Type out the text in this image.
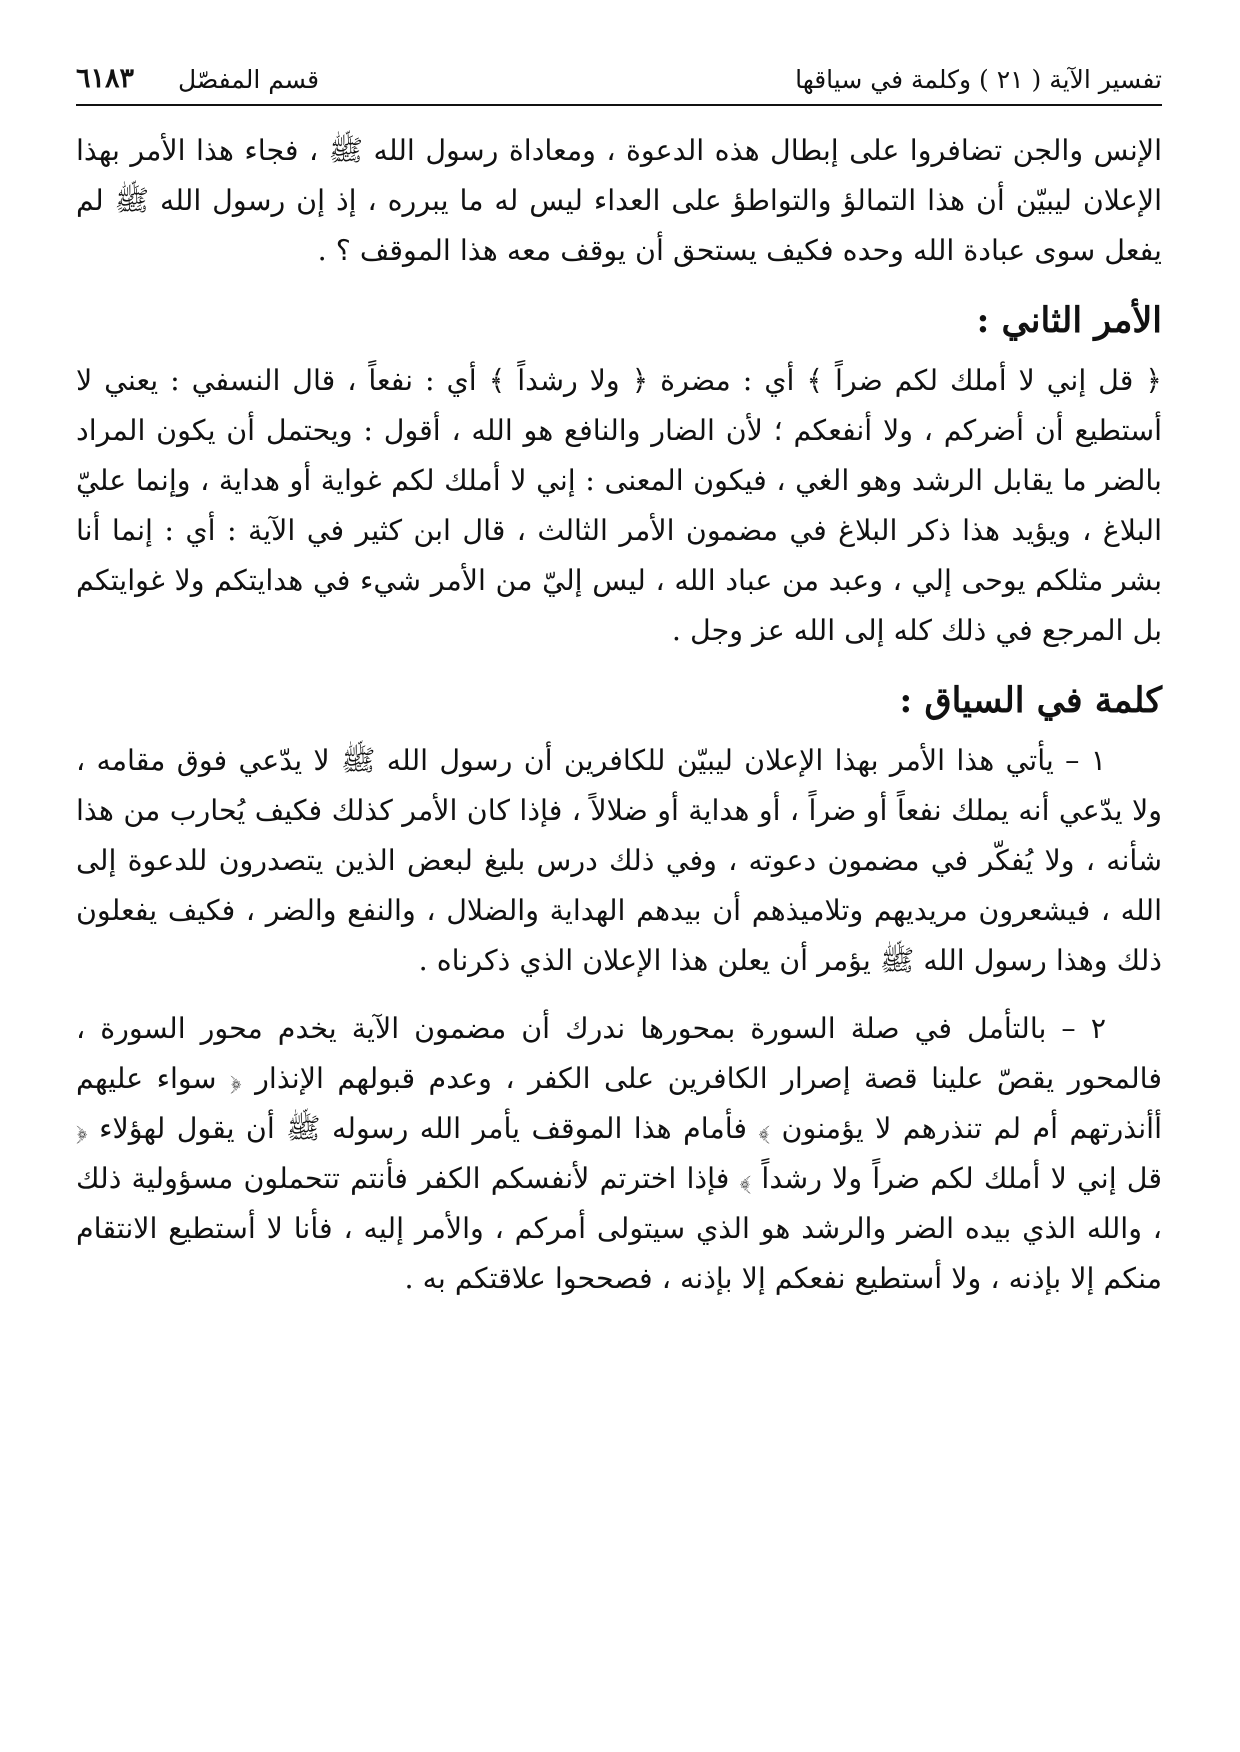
تفسير الآية ( ٢١ ) وكلمة في سياقها
قسم المفصّل
٦١٨٣

الإنس والجن تضافروا على إبطال هذه الدعوة ، ومعاداة رسول الله ﷺ ، فجاء هذا الأمر بهذا الإعلان ليبيّن أن هذا التمالؤ والتواطؤ على العداء ليس له ما يبرره ، إذ إن رسول الله ﷺ لم يفعل سوى عبادة الله وحده فكيف يستحق أن يوقف معه هذا الموقف ؟ .

الأمر الثاني :

﴿ قل إني لا أملك لكم ضراً ﴾ أي : مضرة ﴿ ولا رشداً ﴾ أي : نفعاً ، قال النسفي : يعني لا أستطيع أن أضركم ، ولا أنفعكم ؛ لأن الضار والنافع هو الله ، أقول : ويحتمل أن يكون المراد بالضر ما يقابل الرشد وهو الغي ، فيكون المعنى : إني لا أملك لكم غواية أو هداية ، وإنما عليّ البلاغ ، ويؤيد هذا ذكر البلاغ في مضمون الأمر الثالث ، قال ابن كثير في الآية : أي : إنما أنا بشر مثلكم يوحى إلي ، وعبد من عباد الله ، ليس إليّ من الأمر شيء في هدايتكم ولا غوايتكم بل المرجع في ذلك كله إلى الله عز وجل .

كلمة في السياق :

١ – يأتي هذا الأمر بهذا الإعلان ليبيّن للكافرين أن رسول الله ﷺ لا يدّعي فوق مقامه ، ولا يدّعي أنه يملك نفعاً أو ضراً ، أو هداية أو ضلالاً ، فإذا كان الأمر كذلك فكيف يُحارب من هذا شأنه ، ولا يُفكّر في مضمون دعوته ، وفي ذلك درس بليغ لبعض الذين يتصدرون للدعوة إلى الله ، فيشعرون مريديهم وتلاميذهم أن بيدهم الهداية والضلال ، والنفع والضر ، فكيف يفعلون ذلك وهذا رسول الله ﷺ يؤمر أن يعلن هذا الإعلان الذي ذكرناه .

٢ – بالتأمل في صلة السورة بمحورها ندرك أن مضمون الآية يخدم محور السورة ، فالمحور يقصّ علينا قصة إصرار الكافرين على الكفر ، وعدم قبولهم الإنذار ﴿ سواء عليهم أأنذرتهم أم لم تنذرهم لا يؤمنون ﴾ فأمام هذا الموقف يأمر الله رسوله ﷺ أن يقول لهؤلاء ﴿ قل إني لا أملك لكم ضراً ولا رشداً ﴾ فإذا اخترتم لأنفسكم الكفر فأنتم تتحملون مسؤولية ذلك ، والله الذي بيده الضر والرشد هو الذي سيتولى أمركم ، والأمر إليه ، فأنا لا أستطيع الانتقام منكم إلا بإذنه ، ولا أستطيع نفعكم إلا بإذنه ، فصححوا علاقتكم به .
